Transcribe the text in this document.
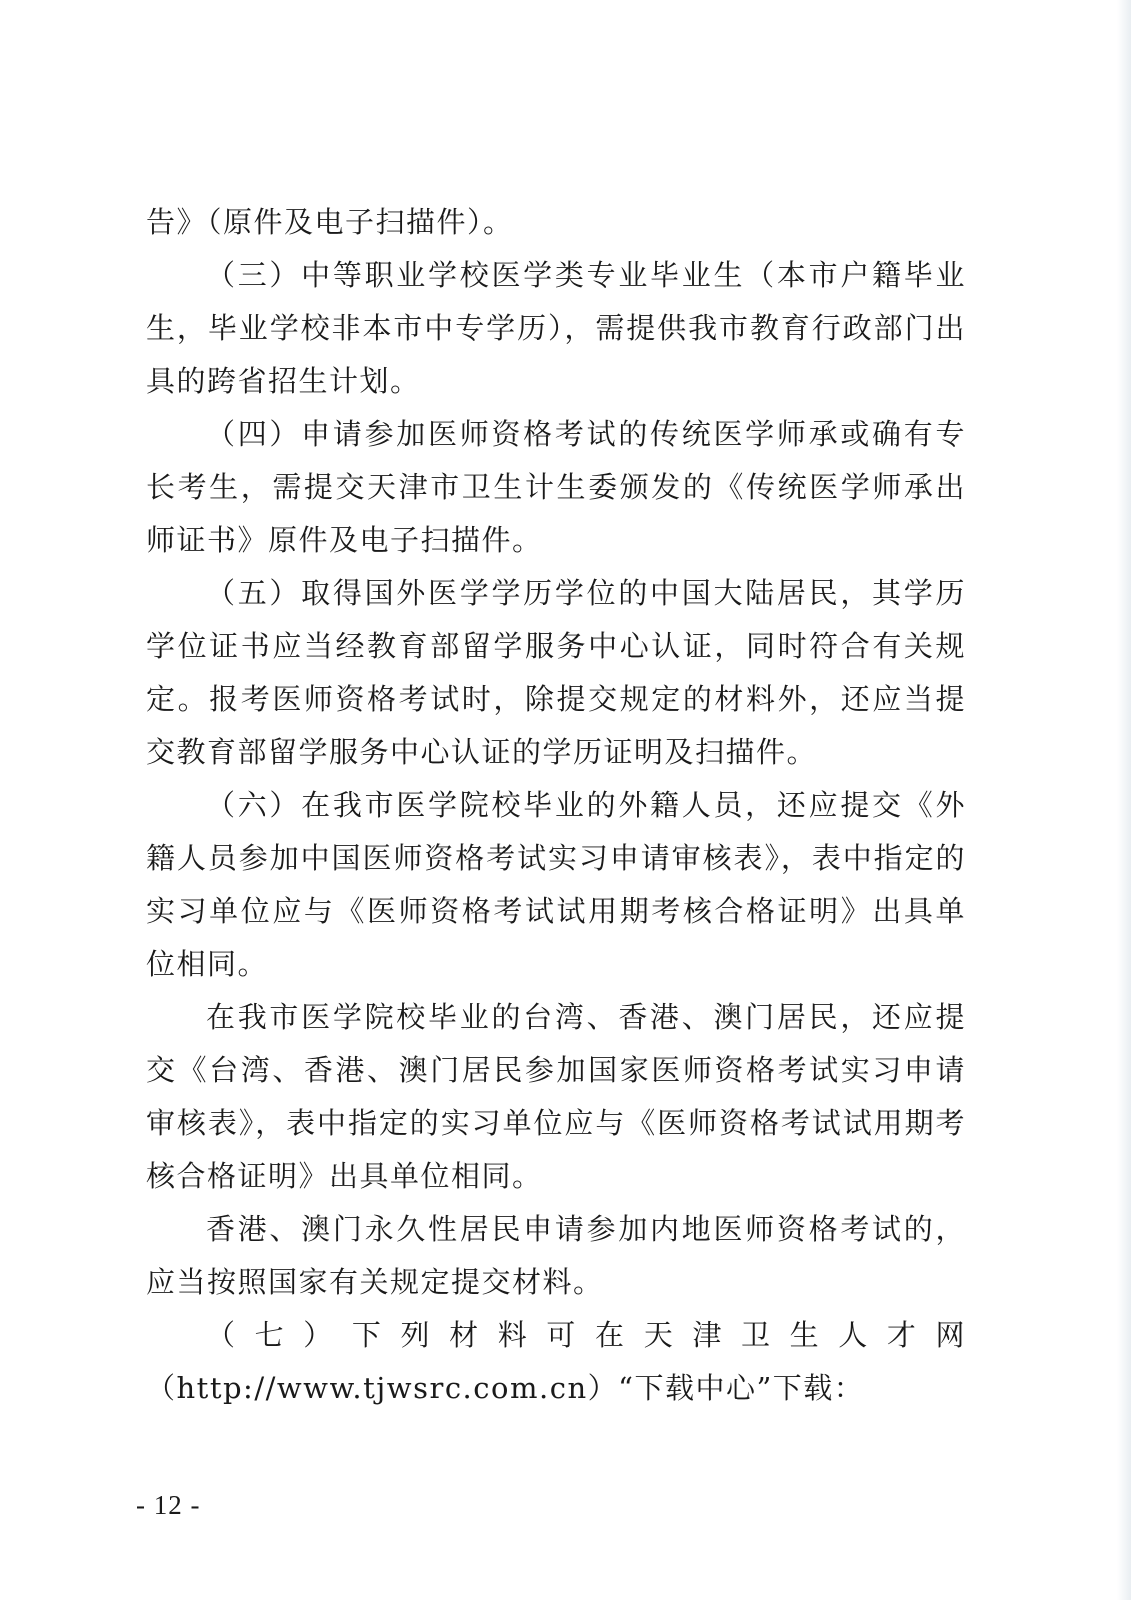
告》（原件及电子扫描件）。

（三）中等职业学校医学类专业毕业生（本市户籍毕业生，毕业学校非本市中专学历），需提供我市教育行政部门出具的跨省招生计划。

（四）申请参加医师资格考试的传统医学师承或确有专长考生，需提交天津市卫生计生委颁发的《传统医学师承出师证书》原件及电子扫描件。

（五）取得国外医学学历学位的中国大陆居民，其学历学位证书应当经教育部留学服务中心认证，同时符合有关规定。报考医师资格考试时，除提交规定的材料外，还应当提交教育部留学服务中心认证的学历证明及扫描件。

（六）在我市医学院校毕业的外籍人员，还应提交《外籍人员参加中国医师资格考试实习申请审核表》，表中指定的实习单位应与《医师资格考试试用期考核合格证明》出具单位相同。

在我市医学院校毕业的台湾、香港、澳门居民，还应提交《台湾、香港、澳门居民参加国家医师资格考试实习申请审核表》，表中指定的实习单位应与《医师资格考试试用期考核合格证明》出具单位相同。

香港、澳门永久性居民申请参加内地医师资格考试的，应当按照国家有关规定提交材料。

（七）下列材料可在天津卫生人才网

（http://www.tjwsrc.com.cn）“下载中心”下载：

- 12 -
